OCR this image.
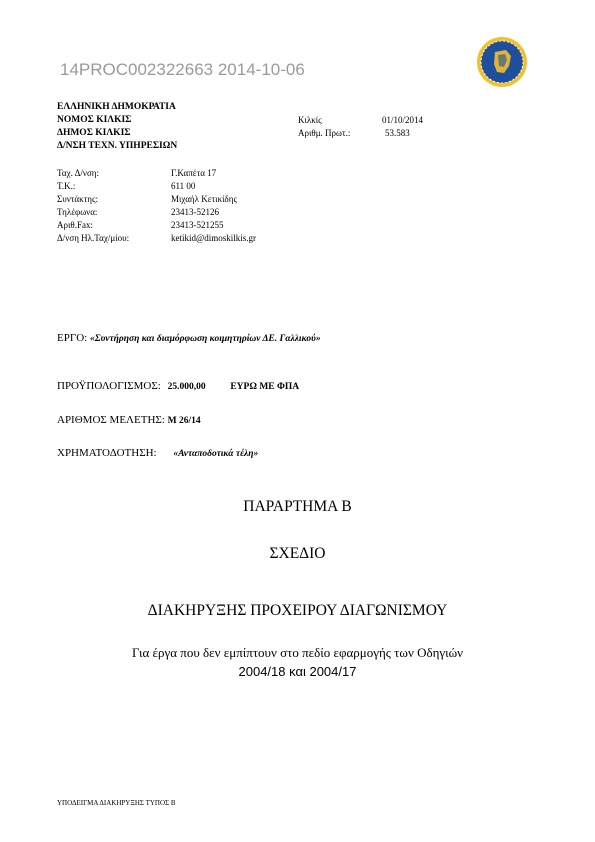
14PROC002322663 2014-10-06
ΕΛΛΗΝΙΚΗ ΔΗΜΟΚΡΑΤΙΑ
ΝΟΜΟΣ ΚΙΛΚΙΣ
ΔΗΜΟΣ ΚΙΛΚΙΣ
Δ/ΝΣΗ ΤΕΧΝ. ΥΠΗΡΕΣΙΩΝ
Κιλκίς	01/10/2014
Αριθμ. Πρωτ.:	53.583
Ταχ. Δ/νση:	Γ.Καπέτα 17
Τ.Κ.:	611 00
Συντάκτης:	Μιχαήλ Κετικίδης
Τηλέφωνα:	23413-52126
Αριθ.Fax:	23413-521255
Δ/νση Ηλ.Ταχ/μίου:	ketikid@dimoskilkis.gr
ΕΡΓΟ: «Συντήρηση και διαμόρφωση κοιμητηρίων ΔΕ. Γαλλικού»
ΠΡΟΫΠΟΛΟΓΙΣΜΟΣ: 25.000,00	ΕΥΡΩ ΜΕ ΦΠΑ
ΑΡΙΘΜΟΣ ΜΕΛΕΤΗΣ: Μ 26/14
ΧΡΗΜΑΤΟΔΟΤΗΣΗ: «Ανταποδοτικά τέλη»
ΠΑΡΑΡΤΗΜΑ Β
ΣΧΕΔΙΟ
ΔΙΑΚΗΡΥΞΗΣ ΠΡΟΧΕΙΡΟΥ ΔΙΑΓΩΝΙΣΜΟΥ
Για έργα που δεν εμπίπτουν στο πεδίο εφαρμογής των Οδηγιών
2004/18 και 2004/17
ΥΠΟΔΕΙΓΜΑ ΔΙΑΚΗΡΥΞΗΣ ΤΥΠΟΣ Β
